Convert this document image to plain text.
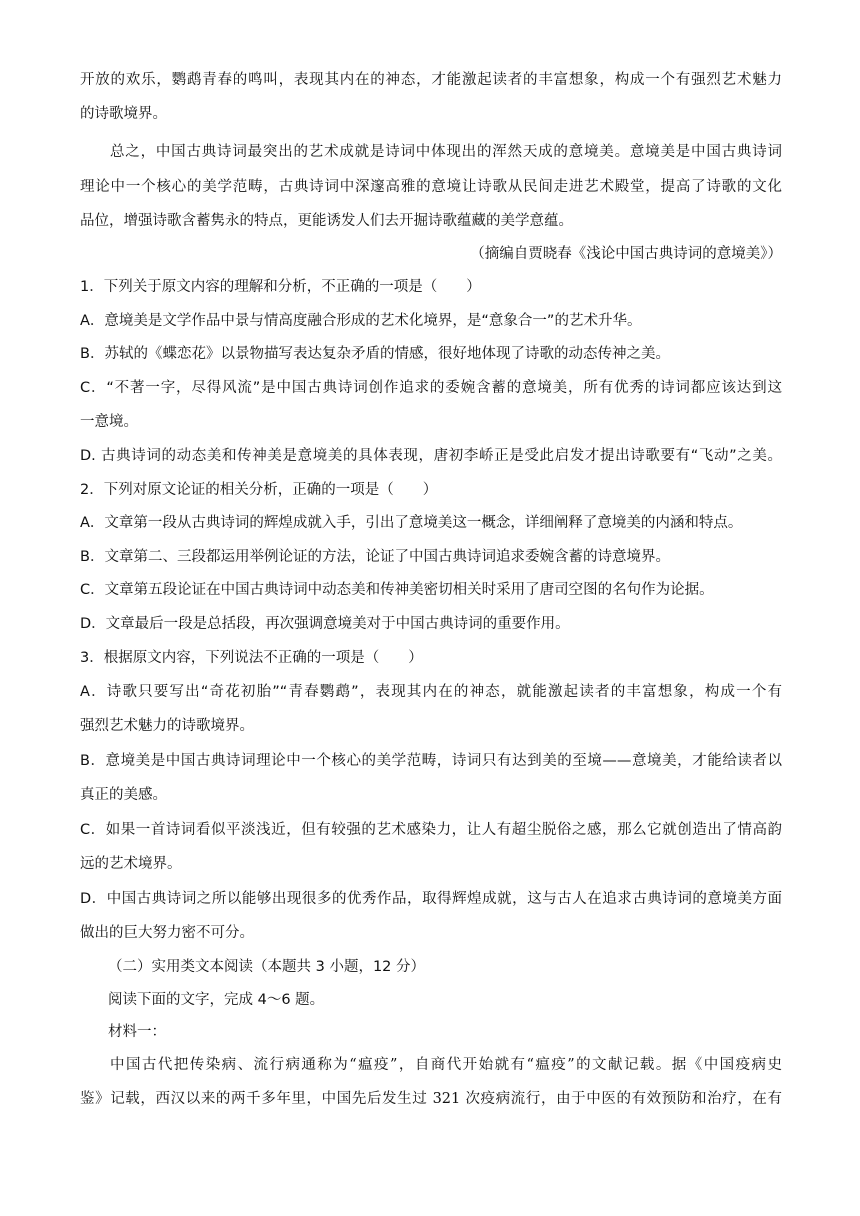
开放的欢乐，鹦鹉青春的鸣叫，表现其内在的神态，才能激起读者的丰富想象，构成一个有强烈艺术魅力
的诗歌境界。
总之，中国古典诗词最突出的艺术成就是诗词中体现出的浑然天成的意境美。意境美是中国古典诗词
理论中一个核心的美学范畴，古典诗词中深邃高雅的意境让诗歌从民间走进艺术殿堂，提高了诗歌的文化
品位，增强诗歌含蓄隽永的特点，更能诱发人们去开掘诗歌蕴藏的美学意蕴。
（摘编自贾晓春《浅论中国古典诗词的意境美》）
1．下列关于原文内容的理解和分析，不正确的一项是（　　）
A．意境美是文学作品中景与情高度融合形成的艺术化境界，是“意象合一”的艺术升华。
B．苏轼的《蝶恋花》以景物描写表达复杂矛盾的情感，很好地体现了诗歌的动态传神之美。
C．“不著一字，尽得风流”是中国古典诗词创作追求的委婉含蓄的意境美，所有优秀的诗词都应该达到这
一意境。
D. 古典诗词的动态美和传神美是意境美的具体表现，唐初李峤正是受此启发才提出诗歌要有“飞动”之美。
2．下列对原文论证的相关分析，正确的一项是（　　）
A．文章第一段从古典诗词的辉煌成就入手，引出了意境美这一概念，详细阐释了意境美的内涵和特点。
B．文章第二、三段都运用举例论证的方法，论证了中国古典诗词追求委婉含蓄的诗意境界。
C．文章第五段论证在中国古典诗词中动态美和传神美密切相关时采用了唐司空图的名句作为论据。
D．文章最后一段是总括段，再次强调意境美对于中国古典诗词的重要作用。
3．根据原文内容，下列说法不正确的一项是（　　）
A．诗歌只要写出“奇花初胎”“青春鹦鹉”，表现其内在的神态，就能激起读者的丰富想象，构成一个有
强烈艺术魅力的诗歌境界。
B．意境美是中国古典诗词理论中一个核心的美学范畴，诗词只有达到美的至境——意境美，才能给读者以
真正的美感。
C．如果一首诗词看似平淡浅近，但有较强的艺术感染力，让人有超尘脱俗之感，那么它就创造出了情高韵
远的艺术境界。
D．中国古典诗词之所以能够出现很多的优秀作品，取得辉煌成就，这与古人在追求古典诗词的意境美方面
做出的巨大努力密不可分。
（二）实用类文本阅读（本题共 3 小题，12 分）
阅读下面的文字，完成 4～6 题。
材料一：
中国古代把传染病、流行病通称为“瘟疫”，自商代开始就有“瘟疫”的文献记载。据《中国疫病史
鉴》记载，西汉以来的两千多年里，中国先后发生过 321 次疫病流行，由于中医的有效预防和治疗，在有
